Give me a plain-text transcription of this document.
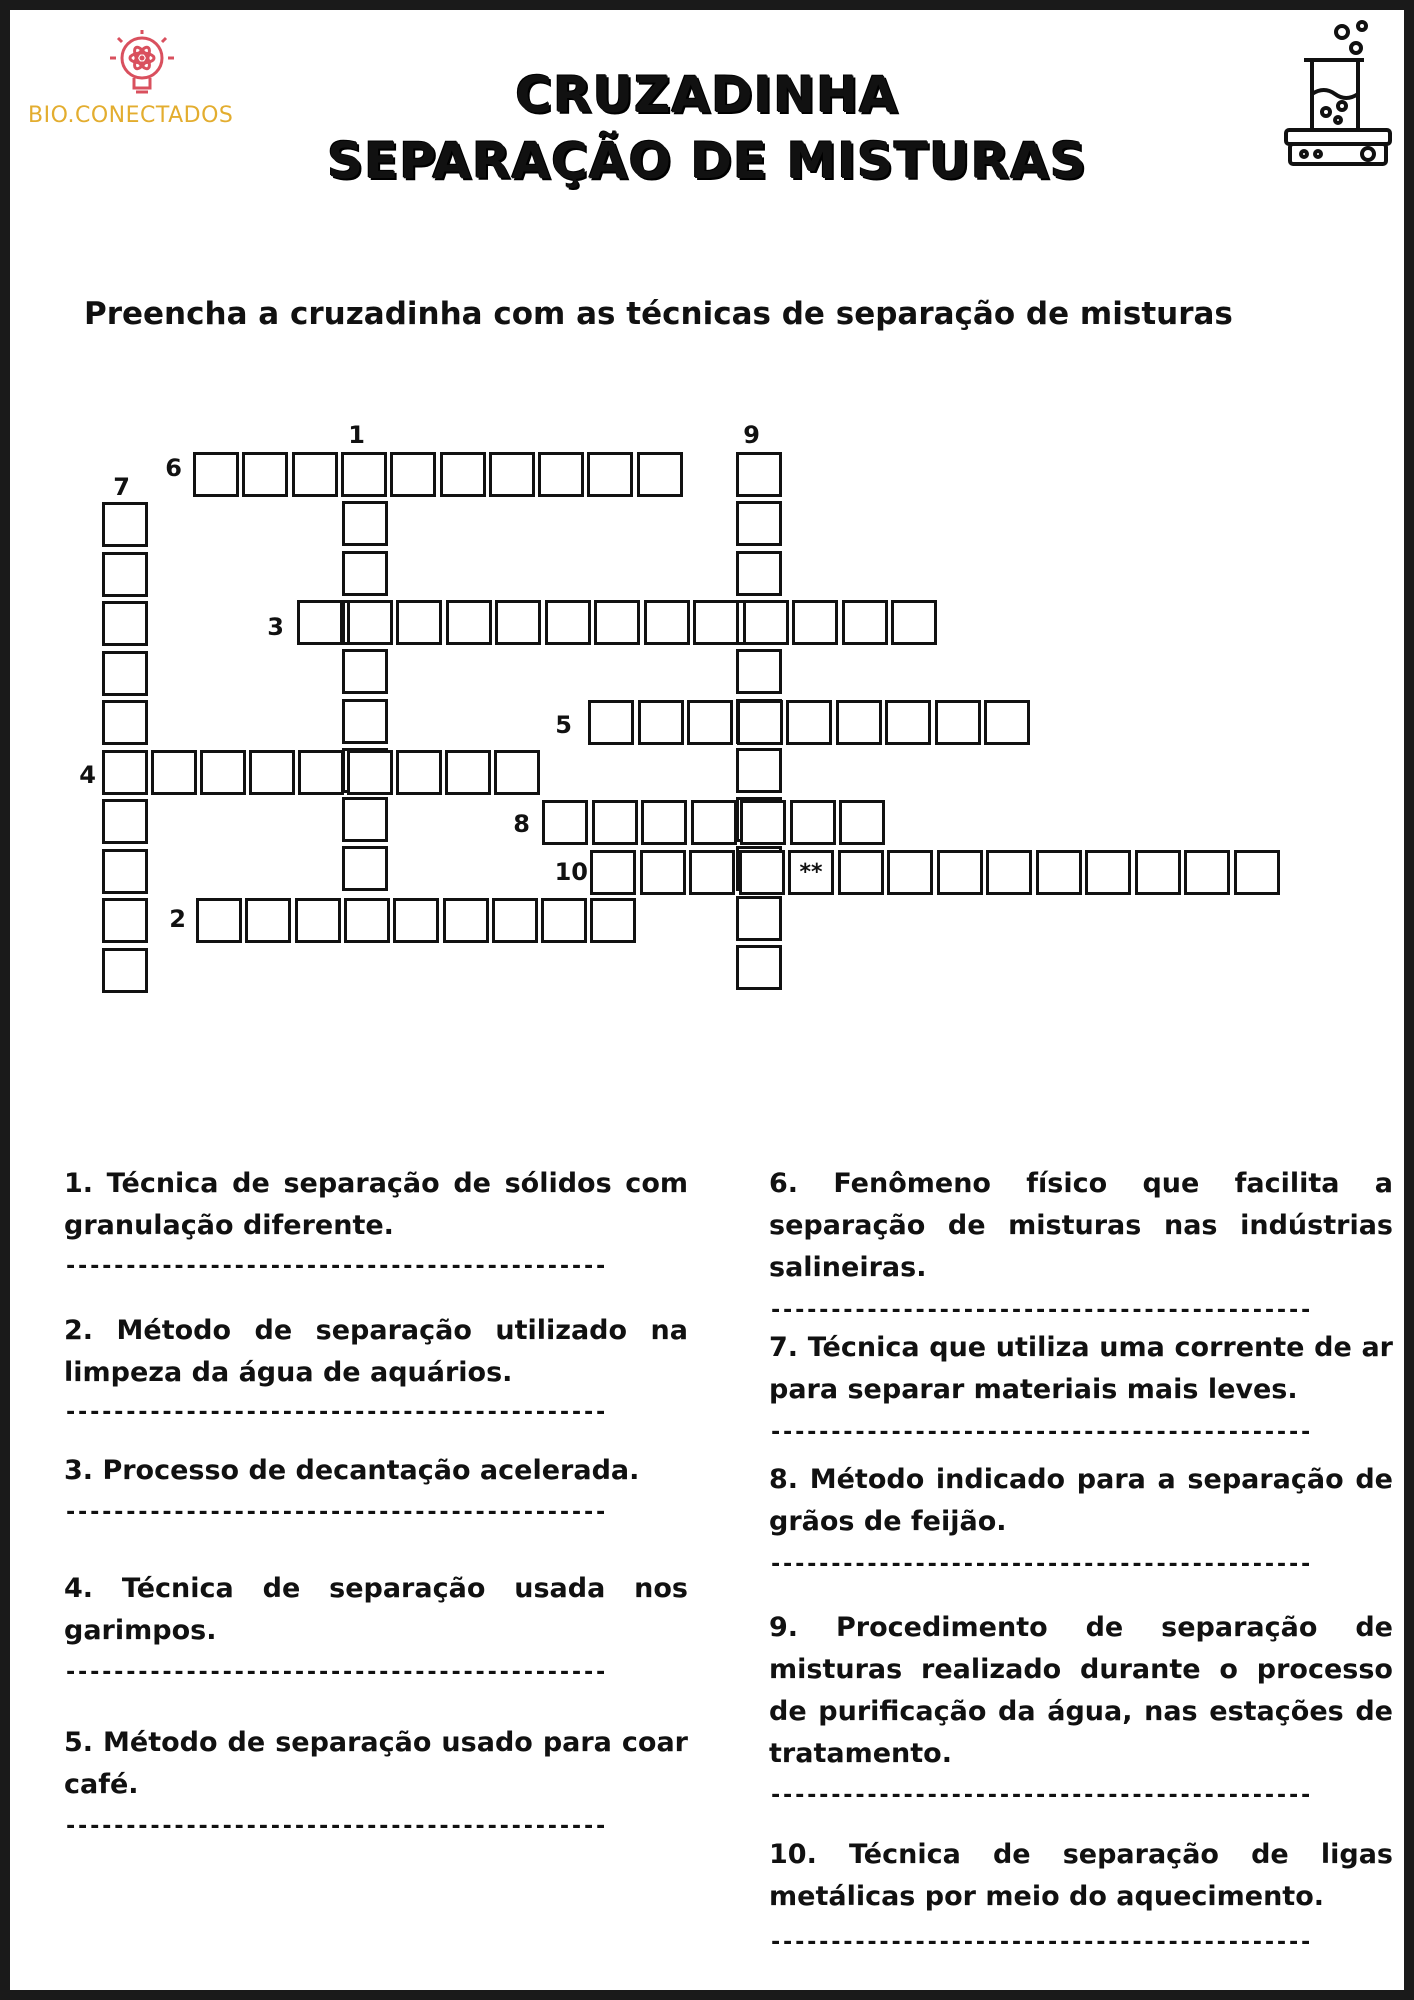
BIO.CONECTADOS	CRUZADINHA
SEPARAÇÃO DE MISTURAS
Preencha a cruzadinha com as técnicas de separação de misturas
**
1
2
3
4
5
6
7
8
9
10
1. Técnica de separação de sólidos com granulação diferente.
---------------------------------------------
2. Método de separação utilizado na limpeza da água de aquários.
---------------------------------------------
3. Processo de decantação acelerada.
---------------------------------------------
4. Técnica de separação usada nos garimpos.
---------------------------------------------
5. Método de separação usado para coar café.
---------------------------------------------
6. Fenômeno físico que facilita a separação de misturas nas indústrias salineiras.
---------------------------------------------
7. Técnica que utiliza uma corrente de ar para separar materiais mais leves.
---------------------------------------------
8. Método indicado para a separação de grãos de feijão.
---------------------------------------------
9. Procedimento de separação de misturas realizado durante o processo de purificação da água, nas estações de tratamento.
---------------------------------------------
10. Técnica de separação de ligas metálicas por meio do aquecimento.
---------------------------------------------
